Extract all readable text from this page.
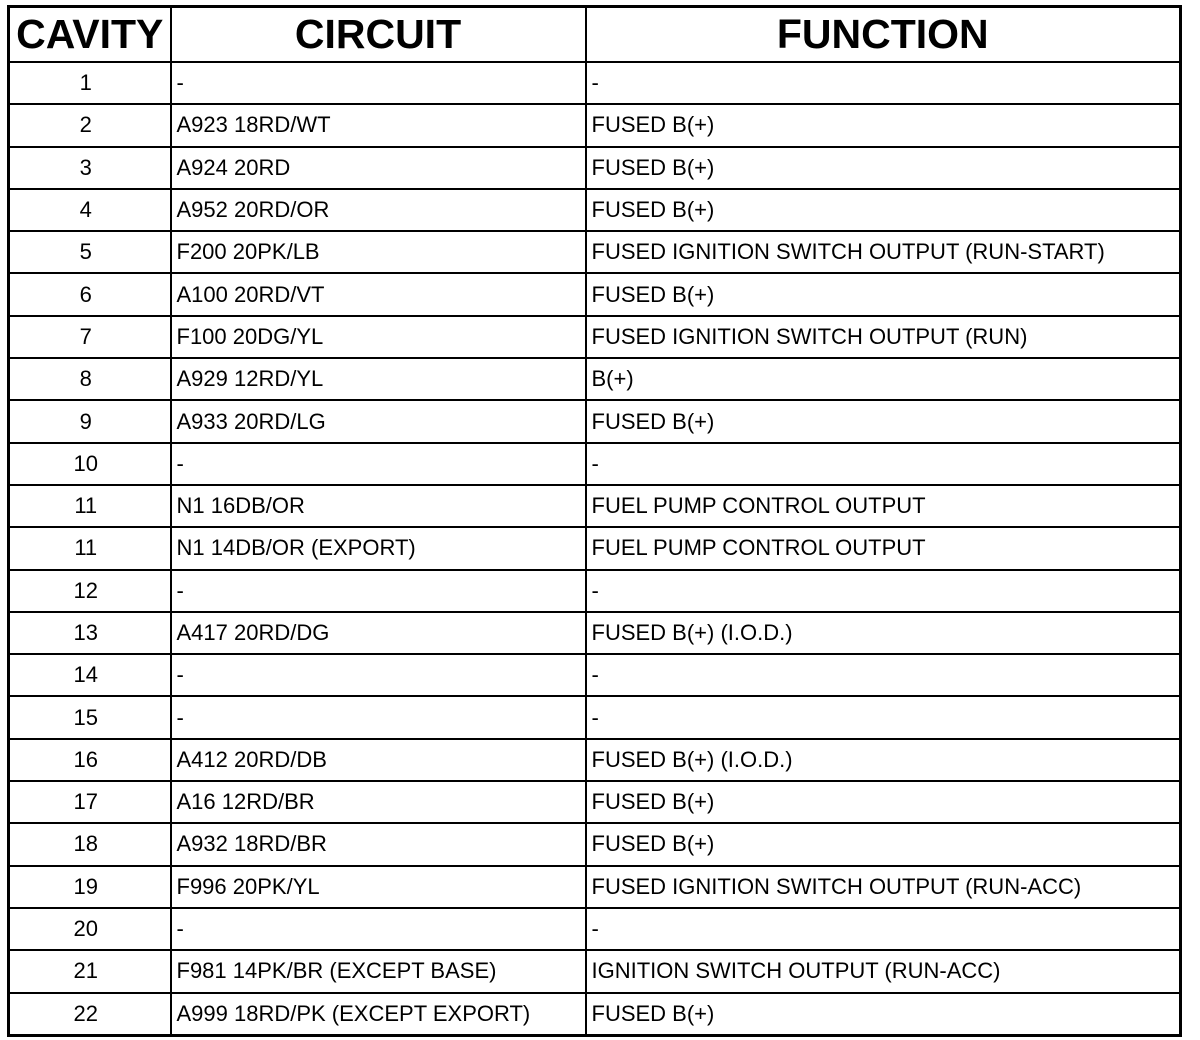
CAVITY	CIRCUIT	FUNCTION
1	-	-
2	A923 18RD/WT	FUSED B(+)
3	A924 20RD	FUSED B(+)
4	A952 20RD/OR	FUSED B(+)
5	F200 20PK/LB	FUSED IGNITION SWITCH OUTPUT (RUN-START)
6	A100 20RD/VT	FUSED B(+)
7	F100 20DG/YL	FUSED IGNITION SWITCH OUTPUT (RUN)
8	A929 12RD/YL	B(+)
9	A933 20RD/LG	FUSED B(+)
10	-	-
11	N1 16DB/OR	FUEL PUMP CONTROL OUTPUT
11	N1 14DB/OR (EXPORT)	FUEL PUMP CONTROL OUTPUT
12	-	-
13	A417 20RD/DG	FUSED B(+) (I.O.D.)
14	-	-
15	-	-
16	A412 20RD/DB	FUSED B(+) (I.O.D.)
17	A16 12RD/BR	FUSED B(+)
18	A932 18RD/BR	FUSED B(+)
19	F996 20PK/YL	FUSED IGNITION SWITCH OUTPUT (RUN-ACC)
20	-	-
21	F981 14PK/BR (EXCEPT BASE)	IGNITION SWITCH OUTPUT (RUN-ACC)
22	A999 18RD/PK (EXCEPT EXPORT)	FUSED B(+)
